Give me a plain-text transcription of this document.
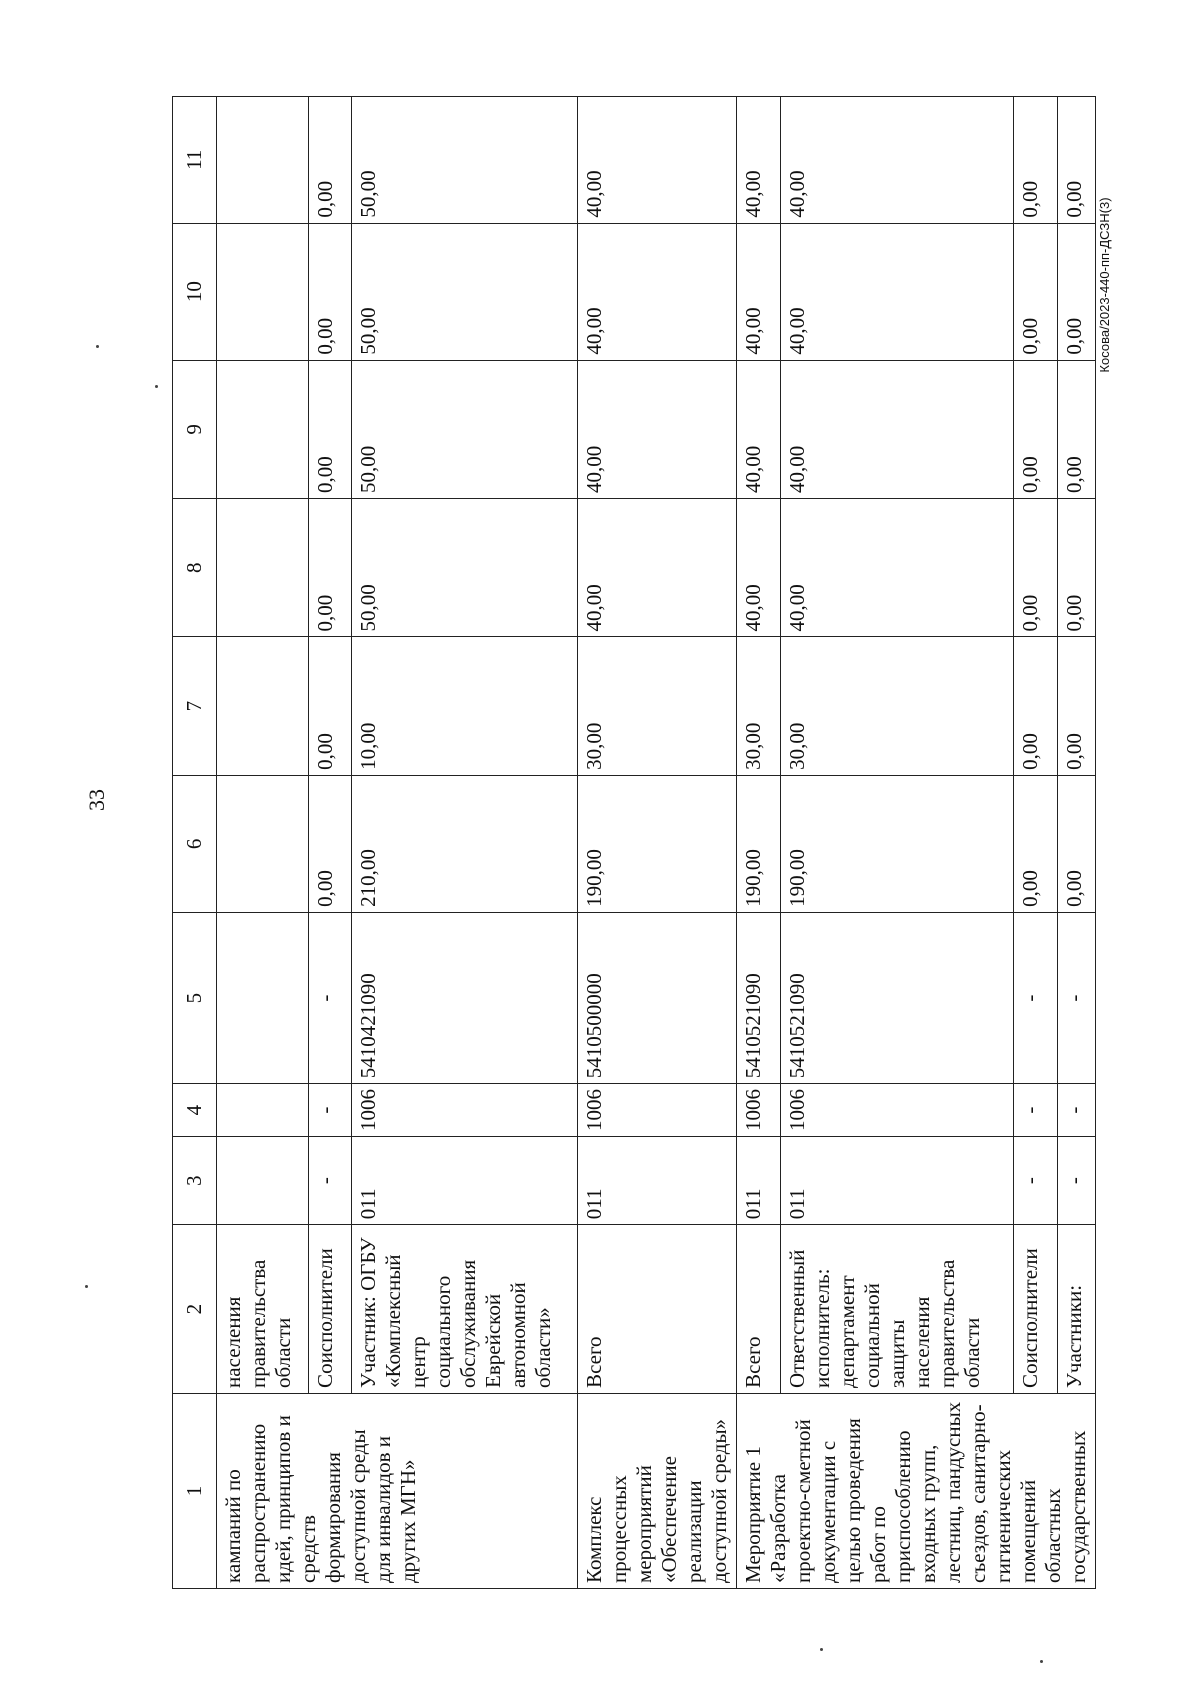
33
Косова/2023-440-пп-ДСЗН(3)
1	2	3	4	5	6	7	8	9	10	11
кампаний по распространению идей, принципов и средств формирования доступной среды для инвалидов и других МГН»	населения правительства области									
	Соисполнители	-	-	-	0,00	0,00	0,00	0,00	0,00	0,00
	Участник: ОГБУ «Комплексный центр социального обслуживания Еврейской автономной области»	011	1006	5410421090	210,00	10,00	50,00	50,00	50,00	50,00
Комплекс процессных мероприятий «Обеспечение реализации доступной среды»	Всего	011	1006	5410500000	190,00	30,00	40,00	40,00	40,00	40,00
Мероприятие 1 «Разработка проектно-сметной документации с целью проведения работ по приспособлению входных групп, лестниц, пандусных съездов, санитарно-гигиенических помещений областных государственных	Всего	011	1006	5410521090	190,00	30,00	40,00	40,00	40,00	40,00
	Ответственный исполнитель: департамент социальной защиты населения правительства области	011	1006	5410521090	190,00	30,00	40,00	40,00	40,00	40,00
	Соисполнители	-	-	-	0,00	0,00	0,00	0,00	0,00	0,00
	Участники:	-	-	-	0,00	0,00	0,00	0,00	0,00	0,00
